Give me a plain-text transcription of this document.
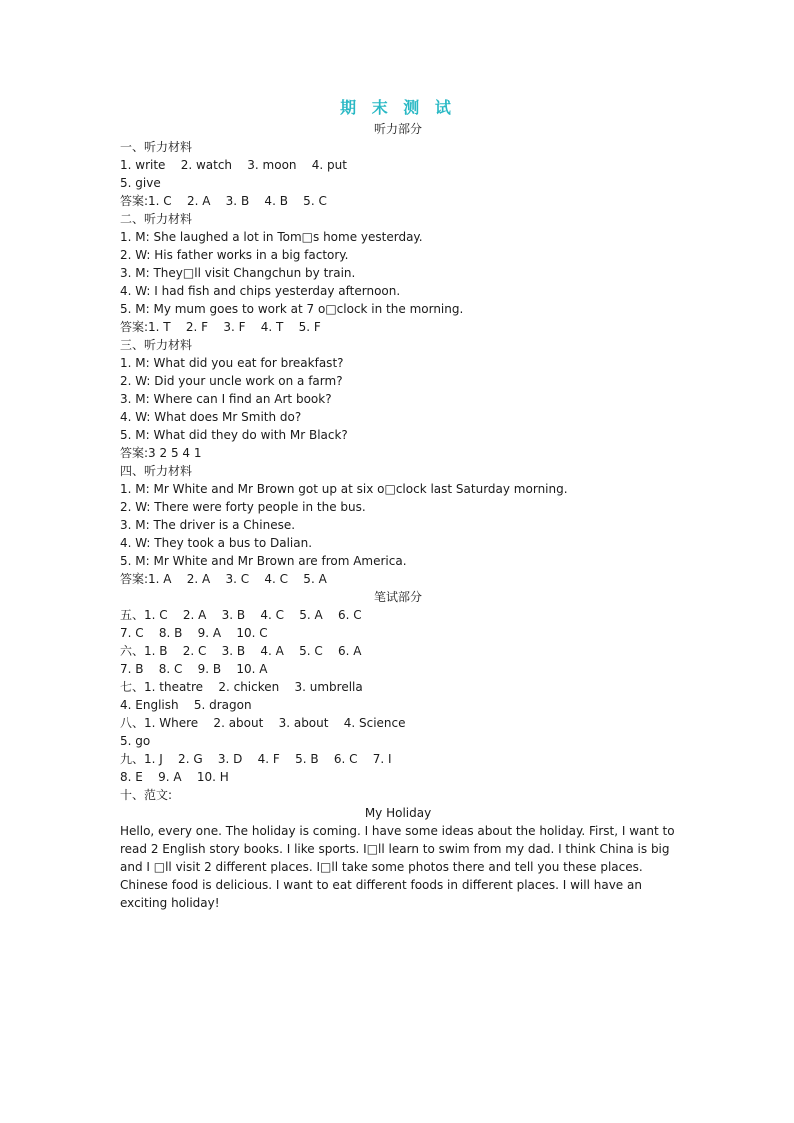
期 末 测 试
听力部分
一、听力材料
1. write    2. watch    3. moon    4. put
5. give
答案:1. C    2. A    3. B    4. B    5. C
二、听力材料
1. M: She laughed a lot in Tom□s home yesterday.
2. W: His father works in a big factory.
3. M: They□ll visit Changchun by train.
4. W: I had fish and chips yesterday afternoon.
5. M: My mum goes to work at 7 o□clock in the morning.
答案:1. T    2. F    3. F    4. T    5. F
三、听力材料
1. M: What did you eat for breakfast?
2. W: Did your uncle work on a farm?
3. M: Where can I find an Art book?
4. W: What does Mr Smith do?
5. M: What did they do with Mr Black?
答案:3 2 5 4 1
四、听力材料
1. M: Mr White and Mr Brown got up at six o□clock last Saturday morning.
2. W: There were forty people in the bus.
3. M: The driver is a Chinese.
4. W: They took a bus to Dalian.
5. M: Mr White and Mr Brown are from America.
答案:1. A    2. A    3. C    4. C    5. A
笔试部分
五、1. C    2. A    3. B    4. C    5. A    6. C
7. C    8. B    9. A    10. C
六、1. B    2. C    3. B    4. A    5. C    6. A
7. B    8. C    9. B    10. A
七、1. theatre    2. chicken    3. umbrella
4. English    5. dragon
八、1. Where    2. about    3. about    4. Science
5. go
九、1. J    2. G    3. D    4. F    5. B    6. C    7. I
8. E    9. A    10. H
十、范文:
My Holiday

Hello, every one. The holiday is coming. I have some ideas about the holiday. First, I want to read 2 English story books. I like sports. I□ll learn to swim from my dad. I think China is big and I □ll visit 2 different places. I□ll take some photos there and tell you these places. Chinese food is delicious. I want to eat different foods in different places. I will have an exciting holiday!
